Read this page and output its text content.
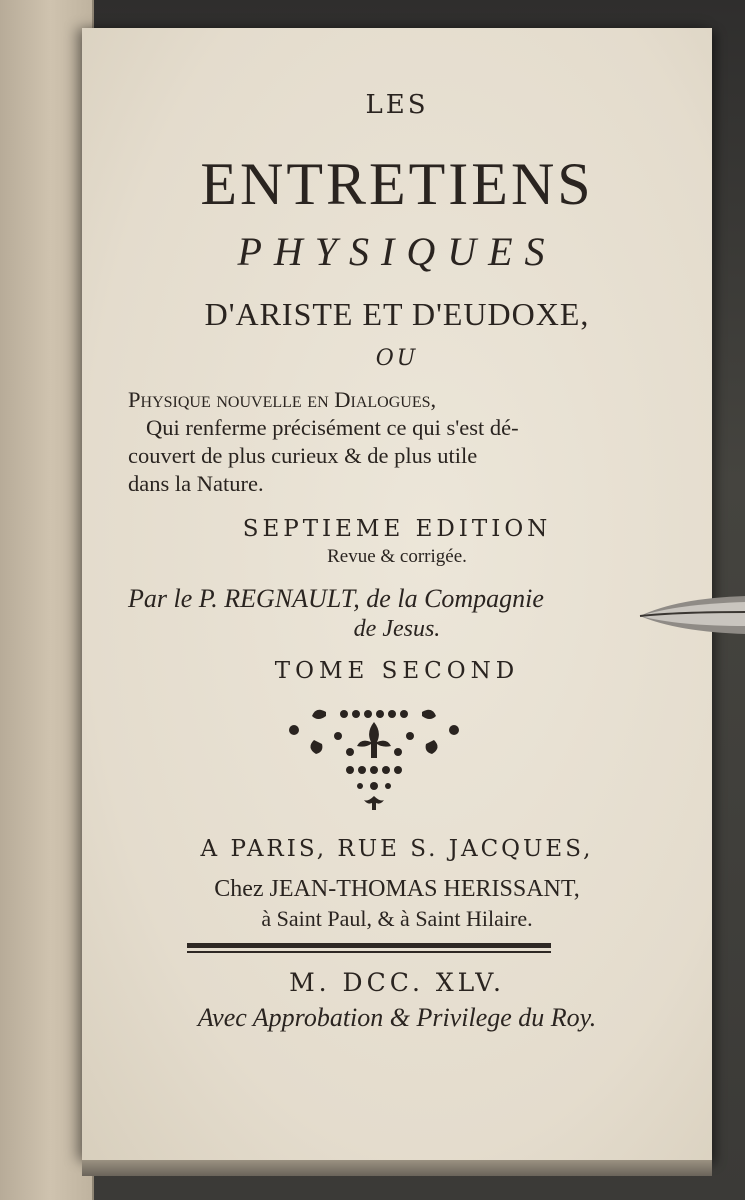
LES

ENTRETIENS

PHYSIQUES

D'ARISTE ET D'EUDOXE,

OU

Physique nouvelle en Dialogues,
Qui renferme précisément ce qui s'est dé-
couvert de plus curieux & de plus utile
dans la Nature.

SEPTIEME EDITION

Revue & corrigée.

Par le P. REGNAULT, de la Compagnie

de Jesus.

TOME SECOND

A PARIS, RUE S. JACQUES,

Chez JEAN-THOMAS HERISSANT,

à Saint Paul, & à Saint Hilaire.

M. DCC. XLV.

Avec Approbation & Privilege du Roy.
